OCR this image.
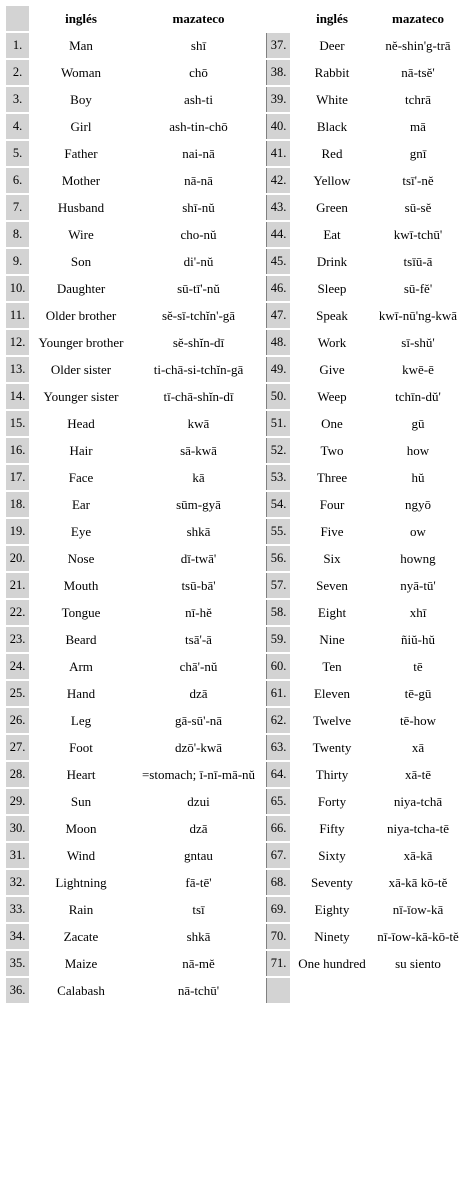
	inglés	mazateco		inglés	mazateco
1.	Man	shī	37.	Deer	nĕ-shin'g-trā
2.	Woman	chō	38.	Rabbit	nā-tsĕ'
3.	Boy	ash-ti	39.	White	tchrā
4.	Girl	ash-tin-chō	40.	Black	mā
5.	Father	nai-nā	41.	Red	gnī
6.	Mother	nā-nā	42.	Yellow	tsī'-nĕ
7.	Husband	shī-nŭ	43.	Green	sū-sĕ
8.	Wire	cho-nŭ	44.	Eat	kwī-tchū'
9.	Son	di'-nŭ	45.	Drink	tsīū-ā
10.	Daughter	sū-tī'-nŭ	46.	Sleep	sū-fĕ'
11.	Older brother	sĕ-sī-tchĭn'-gā	47.	Speak	kwī-nū'ng-kwā
12.	Younger brother	sĕ-shĭn-dī	48.	Work	sī-shŭ'
13.	Older sister	ti-chā-si-tchĭn-gā	49.	Give	kwē-ē
14.	Younger sister	tī-chā-shĭn-dī	50.	Weep	tchīn-dŭ'
15.	Head	kwā	51.	One	gū
16.	Hair	sā-kwā	52.	Two	how
17.	Face	kā	53.	Three	hŭ
18.	Ear	sūm-gyā	54.	Four	ngyō
19.	Eye	shkā	55.	Five	ow
20.	Nose	dī-twā'	56.	Six	howng
21.	Mouth	tsū-bā'	57.	Seven	nyā-tū'
22.	Tongue	nī-hĕ	58.	Eight	xhī
23.	Beard	tsā'-ā	59.	Nine	ñiŭ-hŭ
24.	Arm	chā'-nŭ	60.	Ten	tē
25.	Hand	dzā	61.	Eleven	tē-gū
26.	Leg	gā-sū'-nā	62.	Twelve	tē-how
27.	Foot	dzō'-kwā	63.	Twenty	xā
28.	Heart	=stomach; ī-nī-mā-nŭ	64.	Thirty	xā-tē
29.	Sun	dzui	65.	Forty	niya-tchā
30.	Moon	dzā	66.	Fifty	niya-tcha-tē
31.	Wind	gntau	67.	Sixty	xā-kā
32.	Lightning	fā-tē'	68.	Seventy	xā-kā kō-tĕ
33.	Rain	tsī	69.	Eighty	nī-īow-kā
34.	Zacate	shkā	70.	Ninety	nī-īow-kā-kō-tĕ
35.	Maize	nā-mĕ	71.	One hundred	su siento
36.	Calabash	nā-tchū'			
